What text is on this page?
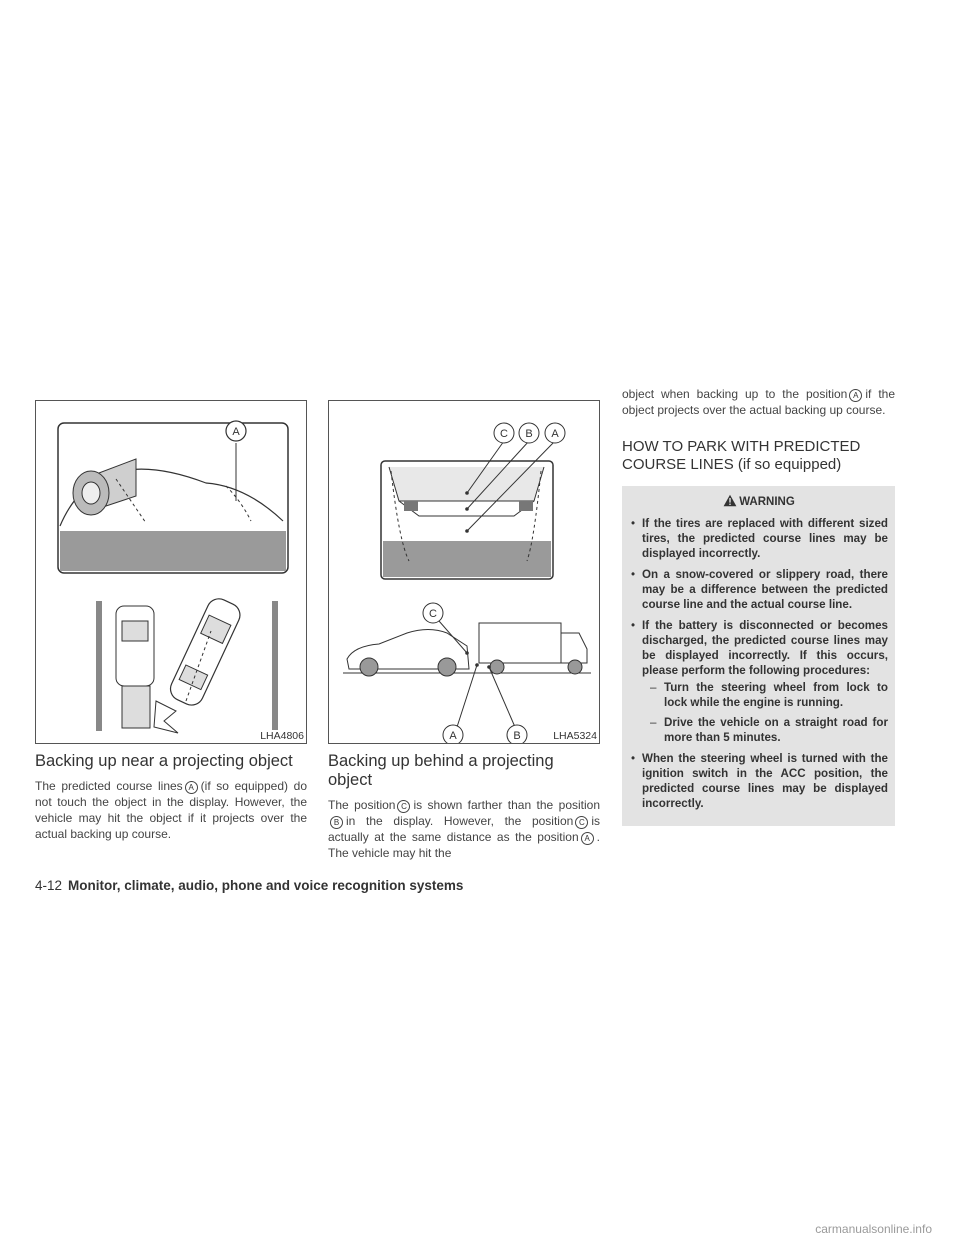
A
LHA4806
Backing up near a projecting object

The predicted course lines A (if so equipped) do not touch the object in the display. However, the vehicle may hit the object if it projects over the actual backing up course.

C B A
C
A	B	LHA5324
Backing up behind a projecting object

The position C is shown farther than the positionB in the display. However, the position C is actually at the same distance as the position A . The vehicle may hit the

object when backing up to the position A if the object projects over the actual backing up course.

HOW TO PARK WITH PREDICTED COURSE LINES (if so equipped)
WARNING
• If the tires are replaced with different sized tires, the predicted course lines may be displayed incorrectly.
• On a snow-covered or slippery road, there may be a difference between the predicted course line and the actual course line.
• If the battery is disconnected or becomes discharged, the predicted course lines may be displayed incorrectly. If this occurs, please perform the following procedures:
– Turn the steering wheel from lock to lock while the engine is running.
– Drive the vehicle on a straight road for more than 5 minutes.
• When the steering wheel is turned with the ignition switch in the ACC position, the predicted course lines may be displayed incorrectly.
4-12 Monitor, climate, audio, phone and voice recognition systems
carmanualsonline.info
